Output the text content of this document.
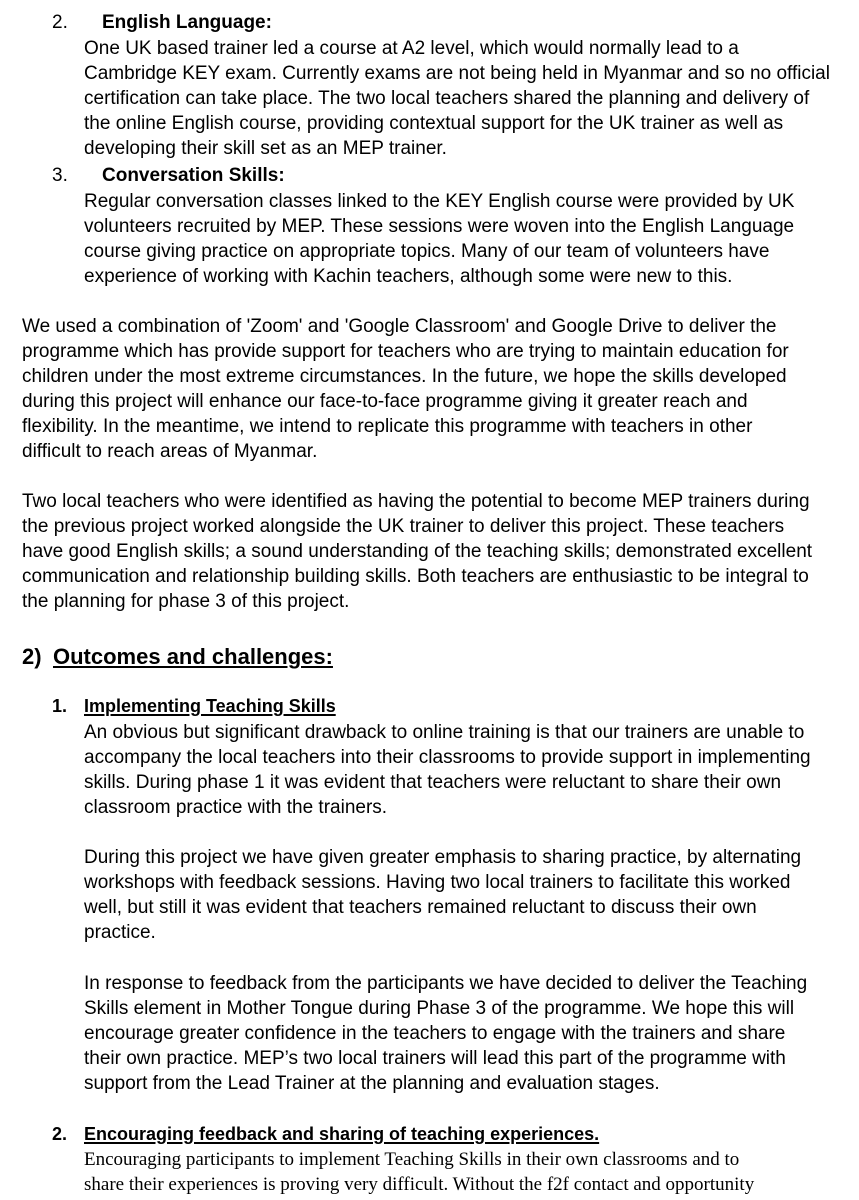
2. English Language:
One UK based trainer led a course at A2 level, which would normally lead to a
Cambridge KEY exam. Currently exams are not being held in Myanmar and so no official
certification can take place. The two local teachers shared the planning and delivery of
the online English course, providing contextual support for the UK trainer as well as
developing their skill set as an MEP trainer.
3. Conversation Skills:
Regular conversation classes linked to the KEY English course were provided by UK
volunteers recruited by MEP. These sessions were woven into the English Language
course giving practice on appropriate topics. Many of our team of volunteers have
experience of working with Kachin teachers, although some were new to this.
We used a combination of 'Zoom' and 'Google Classroom' and Google Drive to deliver the
programme which has provide support for teachers who are trying to maintain education for
children under the most extreme circumstances. In the future, we hope the skills developed
during this project will enhance our face-to-face programme giving it greater reach and
flexibility. In the meantime, we intend to replicate this programme with teachers in other
difficult to reach areas of Myanmar.
Two local teachers who were identified as having the potential to become MEP trainers during
the previous project worked alongside the UK trainer to deliver this project. These teachers
have good English skills; a sound understanding of the teaching skills; demonstrated excellent
communication and relationship building skills. Both teachers are enthusiastic to be integral to
the planning for phase 3 of this project.
2) Outcomes and challenges:
1. Implementing Teaching Skills
An obvious but significant drawback to online training is that our trainers are unable to
accompany the local teachers into their classrooms to provide support in implementing
skills. During phase 1 it was evident that teachers were reluctant to share their own
classroom practice with the trainers.
During this project we have given greater emphasis to sharing practice, by alternating
workshops with feedback sessions. Having two local trainers to facilitate this worked
well, but still it was evident that teachers remained reluctant to discuss their own
practice.
In response to feedback from the participants we have decided to deliver the Teaching
Skills element in Mother Tongue during Phase 3 of the programme. We hope this will
encourage greater confidence in the teachers to engage with the trainers and share
their own practice. MEP’s two local trainers will lead this part of the programme with
support from the Lead Trainer at the planning and evaluation stages.
2. Encouraging feedback and sharing of teaching experiences.
Encouraging participants to implement Teaching Skills in their own classrooms and to
share their experiences is proving very difficult. Without the f2f contact and opportunity
